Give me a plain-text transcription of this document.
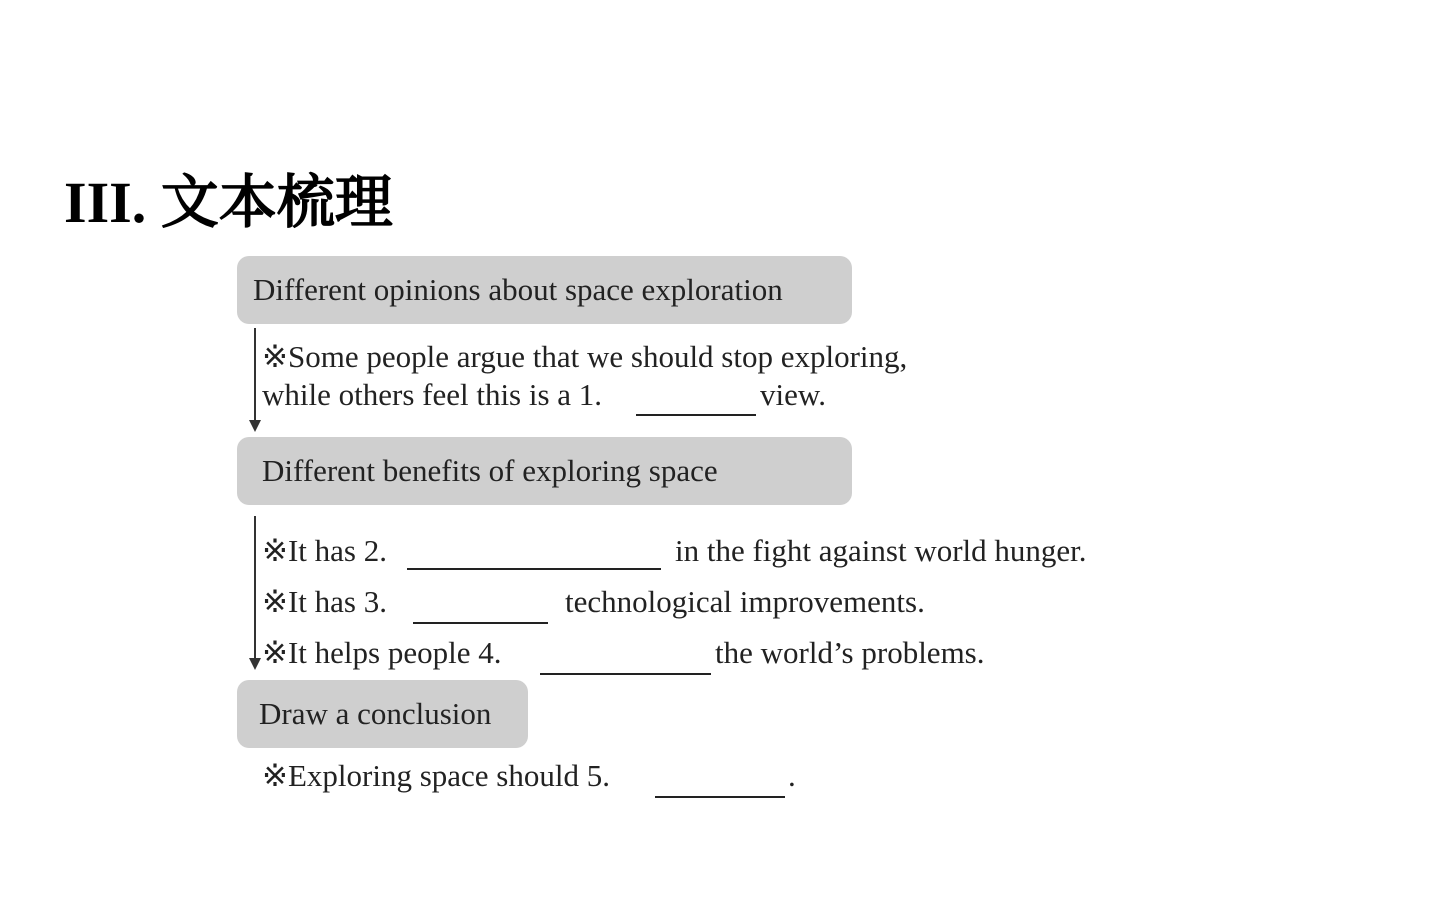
III. 文本梳理
Different opinions about space exploration
※Some people argue that we should stop exploring,
while others feel this is a 1.	view.
Different benefits of exploring space
※It has 2.	in the fight against world hunger.
※It has 3.	technological improvements.
※It helps people 4.	the world’s problems.
Draw a conclusion
※Exploring space should 5.	.
